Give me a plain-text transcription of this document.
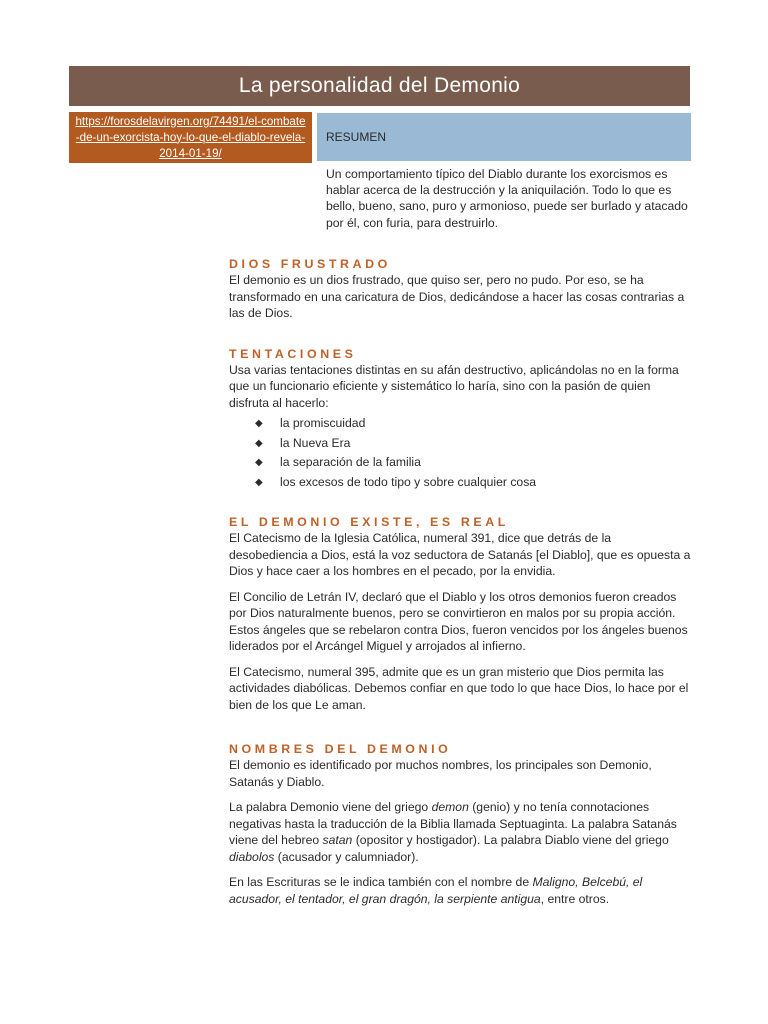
La personalidad del Demonio
https://forosdelavirgen.org/74491/el-combate-de-un-exorcista-hoy-lo-que-el-diablo-revela-2014-01-19/
RESUMEN

Un comportamiento típico del Diablo durante los exorcismos es hablar acerca de la destrucción y la aniquilación. Todo lo que es bello, bueno, sano, puro y armonioso, puede ser burlado y atacado por él, con furia, para destruirlo.

DIOS FRUSTRADO

El demonio es un dios frustrado, que quiso ser, pero no pudo. Por eso, se ha transformado en una caricatura de Dios, dedicándose a hacer las cosas contrarias a las de Dios.

TENTACIONES

Usa varias tentaciones distintas en su afán destructivo, aplicándolas no en la forma que un funcionario eficiente y sistemático lo haría, sino con la pasión de quien disfruta al hacerlo:

◆ la promiscuidad
◆ la Nueva Era
◆ la separación de la familia
◆ los excesos de todo tipo y sobre cualquier cosa
EL DEMONIO EXISTE, ES REAL

El Catecismo de la Iglesia Católica, numeral 391, dice que detrás de la desobediencia a Dios, está la voz seductora de Satanás [el Diablo], que es opuesta a Dios y hace caer a los hombres en el pecado, por la envidia.

El Concilio de Letrán IV, declaró que el Diablo y los otros demonios fueron creados por Dios naturalmente buenos, pero se convirtieron en malos por su propia acción. Estos ángeles que se rebelaron contra Dios, fueron vencidos por los ángeles buenos liderados por el Arcángel Miguel y arrojados al infierno.

El Catecismo, numeral 395, admite que es un gran misterio que Dios permita las actividades diabólicas. Debemos confiar en que todo lo que hace Dios, lo hace por el bien de los que Le aman.

NOMBRES DEL DEMONIO

El demonio es identificado por muchos nombres, los principales son Demonio, Satanás y Diablo.

La palabra Demonio viene del griego demon (genio) y no tenía connotaciones negativas hasta la traducción de la Biblia llamada Septuaginta. La palabra Satanás viene del hebreo satan (opositor y hostigador). La palabra Diablo viene del griego diabolos (acusador y calumniador).

En las Escrituras se le indica también con el nombre de Maligno, Belcebú, el acusador, el tentador, el gran dragón, la serpiente antigua, entre otros.
